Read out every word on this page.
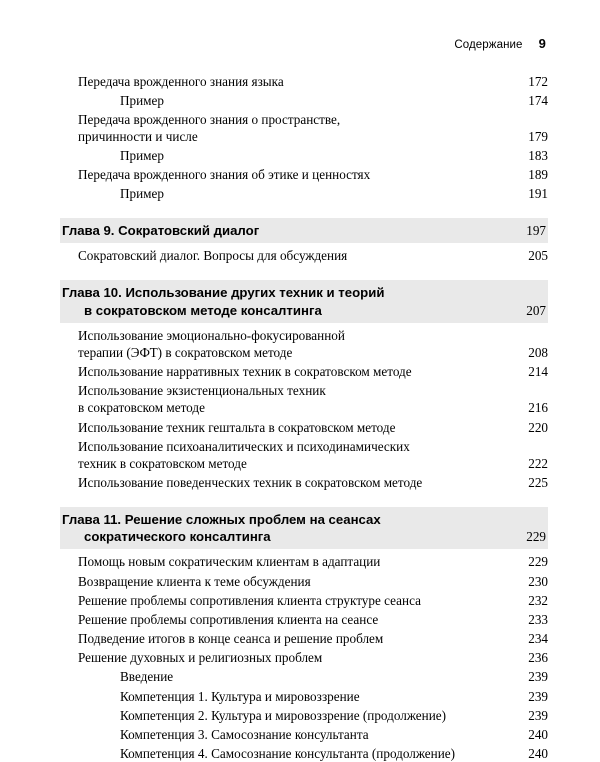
Содержание 9
Передача врожденного знания языка	172
Пример	174
Передача врожденного знания о пространстве,
причинности и числе	179
Пример	183
Передача врожденного знания об этике и ценностях	189
Пример	191
Глава 9. Сократовский диалог	197
Сократовский диалог. Вопросы для обсуждения	205
Глава 10. Использование других техник и теорий
в сократовском методе консалтинга	207
Использование эмоционально-фокусированной
терапии (ЭФТ) в сократовском методе	208
Использование нарративных техник в сократовском методе	214
Использование экзистенциональных техник
в сократовском методе	216
Использование техник гештальта в сократовском методе	220
Использование психоаналитических и психодинамических
техник в сократовском методе	222
Использование поведенческих техник в сократовском методе	225
Глава 11. Решение сложных проблем на сеансах
сократического консалтинга	229
Помощь новым сократическим клиентам в адаптации	229
Возвращение клиента к теме обсуждения	230
Решение проблемы сопротивления клиента структуре сеанса	232
Решение проблемы сопротивления клиента на сеансе	233
Подведение итогов в конце сеанса и решение проблем	234
Решение духовных и религиозных проблем	236
Введение	239
Компетенция 1. Культура и мировоззрение	239
Компетенция 2. Культура и мировоззрение (продолжение)	239
Компетенция 3. Самосознание консультанта	240
Компетенция 4. Самосознание консультанта (продолжение)	240
